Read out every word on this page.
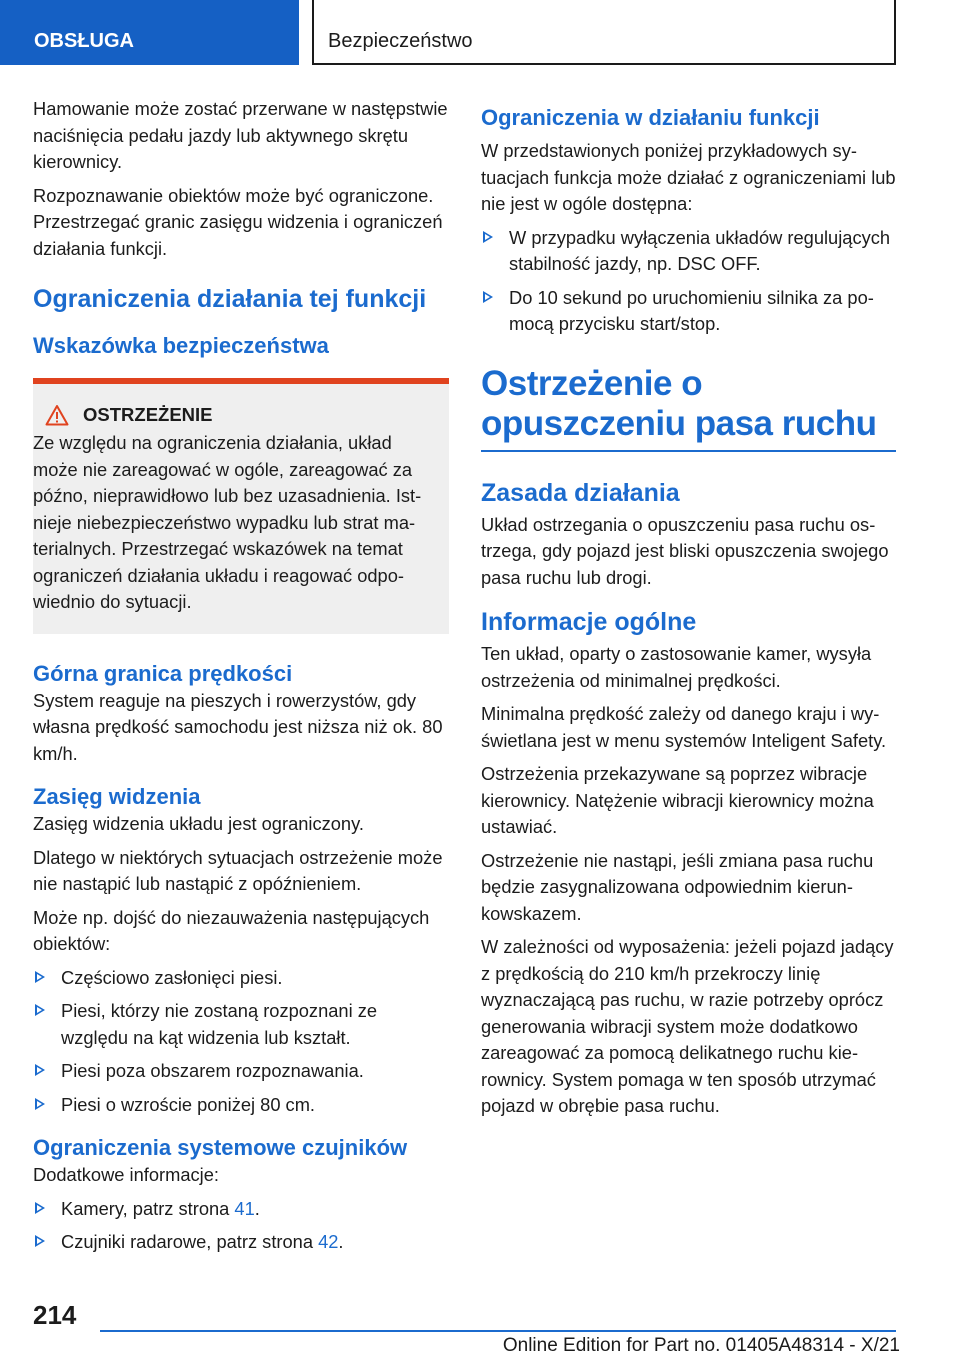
OBSŁUGA	Bezpieczeństwo

Hamowanie może zostać przerwane w następstwie naciśnięcia pedału jazdy lub aktywnego skrętu kierownicy.

Rozpoznawanie obiektów może być ograniczone. Przestrzegać granic zasięgu widzenia i ograniczeń działania funkcji.

Ograniczenia działania tej funkcji
Wskazówka bezpieczeństwa
OSTRZEŻENIE

Ze względu na ograniczenia działania, układ może nie zareagować w ogóle, zareagować za późno, nieprawidłowo lub bez uzasadnienia. Istnieje niebezpieczeństwo wypadku lub strat materialnych. Przestrzegać wskazówek na temat ograniczeń działania układu i reagować odpowiednio do sytuacji.

Górna granica prędkości

System reaguje na pieszych i rowerzystów, gdy własna prędkość samochodu jest niższa niż ok. 80 km/h.

Zasięg widzenia

Zasięg widzenia układu jest ograniczony.

Dlatego w niektórych sytuacjach ostrzeżenie może nie nastąpić lub nastąpić z opóźnieniem.

Może np. dojść do niezauważenia następujących obiektów:

Częściowo zasłonięci piesi.
Piesi, którzy nie zostaną rozpoznani ze względu na kąt widzenia lub kształt.
Piesi poza obszarem rozpoznawania.
Piesi o wzroście poniżej 80 cm.
Ograniczenia systemowe czujników

Dodatkowe informacje:

Kamery, patrz strona 41.
Czujniki radarowe, patrz strona 42.
Ograniczenia w działaniu funkcji

W przedstawionych poniżej przykładowych sytuacjach funkcja może działać z ograniczeniami lub nie jest w ogóle dostępna:

W przypadku wyłączenia układów regulujących stabilność jazdy, np. DSC OFF.
Do 10 sekund po uruchomieniu silnika za pomocą przycisku start/stop.
Ostrzeżenie o opuszczeniu pasa ruchu
Zasada działania

Układ ostrzegania o opuszczeniu pasa ruchu ostrzega, gdy pojazd jest bliski opuszczenia swojego pasa ruchu lub drogi.

Informacje ogólne

Ten układ, oparty o zastosowanie kamer, wysyła ostrzeżenia od minimalnej prędkości.

Minimalna prędkość zależy od danego kraju i wyświetlana jest w menu systemów Inteligent Safety.

Ostrzeżenia przekazywane są poprzez wibracje kierownicy. Natężenie wibracji kierownicy można ustawiać.

Ostrzeżenie nie nastąpi, jeśli zmiana pasa ruchu będzie zasygnalizowana odpowiednim kierunkowskazem.

W zależności od wyposażenia: jeżeli pojazd jadący z prędkością do 210 km/h przekroczy linię wyznaczającą pas ruchu, w razie potrzeby oprócz generowania wibracji system może dodatkowo zareagować za pomocą delikatnego ruchu kierownicy. System pomaga w ten sposób utrzymać pojazd w obrębie pasa ruchu.

214
Online Edition for Part no. 01405A48314 - X/21
